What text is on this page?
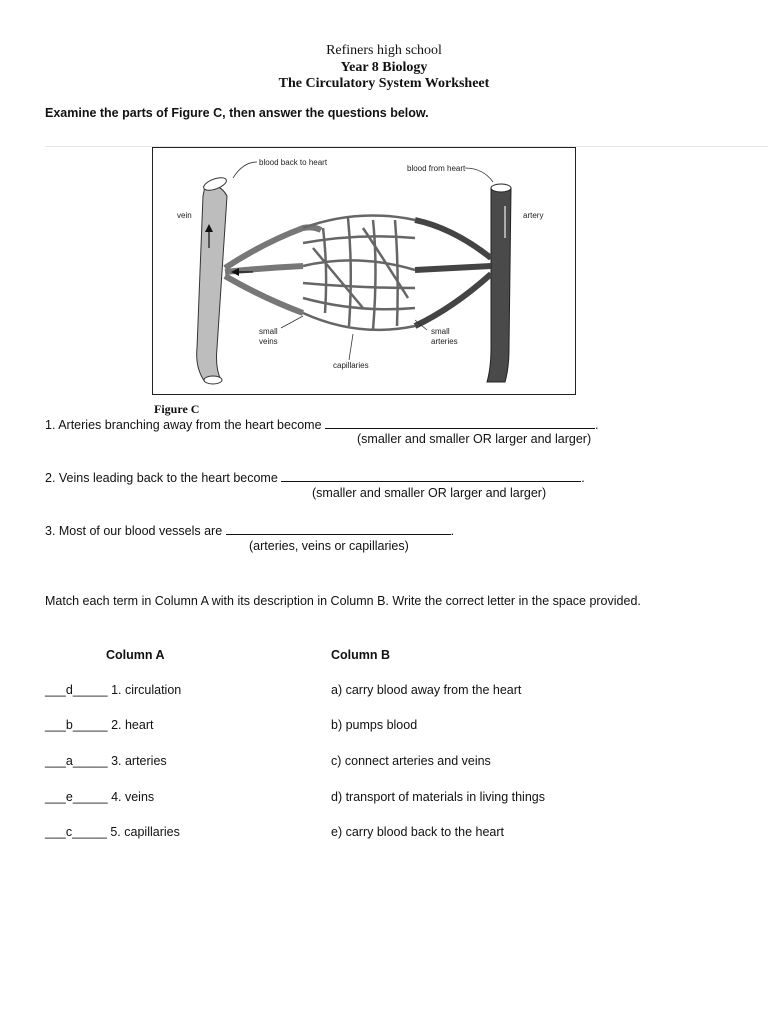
Refiners high school
Year 8 Biology
The Circulatory System Worksheet
Examine the parts of Figure C, then answer the questions below.
blood back to heart
blood from heart
vein	artery
small
veins
small
arteries
capillaries
Figure C
1. Arteries branching away from the heart become	.
(smaller and smaller OR larger and larger)
2. Veins leading back to the heart become	.
(smaller and smaller OR larger and larger)
3. Most of our blood vessels are	.
(arteries, veins or capillaries)
Match each term in Column A with its description in Column B. Write the correct letter in the space provided.
Column A	Column B
___d_____ 1. circulation	a) carry blood away from the heart
___b_____ 2. heart	b) pumps blood
___a_____ 3. arteries	c) connect arteries and veins
___e_____ 4. veins	d) transport of materials in living things
___c_____ 5. capillaries	e) carry blood back to the heart
